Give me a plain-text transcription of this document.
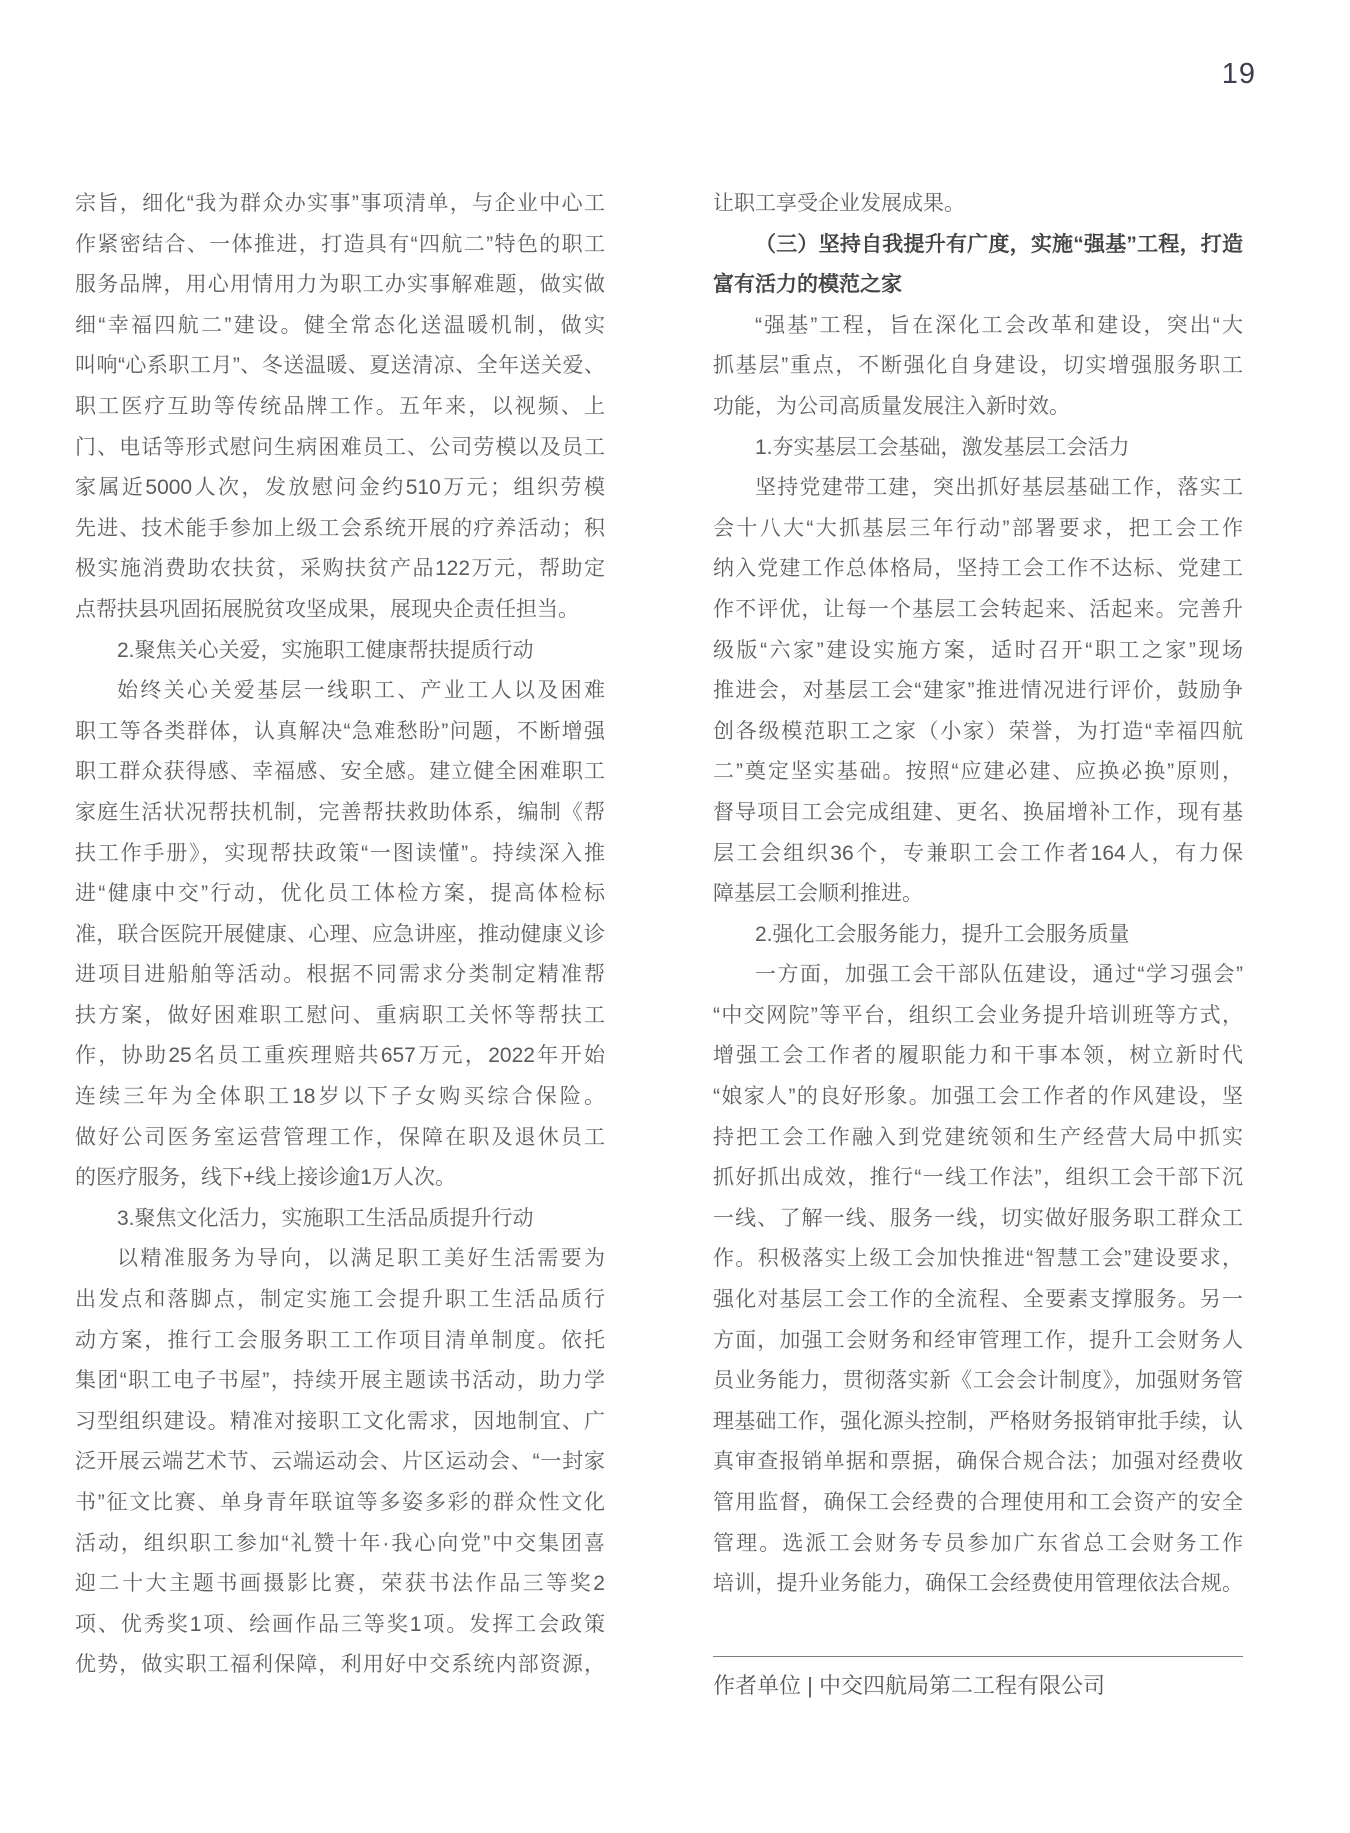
19
宗旨，细化“我为群众办实事”事项清单，与企业中心工
作紧密结合、一体推进，打造具有“四航二”特色的职工
服务品牌，用心用情用力为职工办实事解难题，做实做
细“幸福四航二”建设。健全常态化送温暖机制，做实
叫响“心系职工月”、冬送温暖、夏送清凉、全年送关爱、
职工医疗互助等传统品牌工作。五年来，以视频、上
门、电话等形式慰问生病困难员工、公司劳模以及员工
家属近5000人次，发放慰问金约510万元；组织劳模
先进、技术能手参加上级工会系统开展的疗养活动；积
极实施消费助农扶贫，采购扶贫产品122万元，帮助定
点帮扶县巩固拓展脱贫攻坚成果，展现央企责任担当。
2.聚焦关心关爱，实施职工健康帮扶提质行动
始终关心关爱基层一线职工、产业工人以及困难
职工等各类群体，认真解决“急难愁盼”问题，不断增强
职工群众获得感、幸福感、安全感。建立健全困难职工
家庭生活状况帮扶机制，完善帮扶救助体系，编制《帮
扶工作手册》，实现帮扶政策“一图读懂”。持续深入推
进“健康中交”行动，优化员工体检方案，提高体检标
准，联合医院开展健康、心理、应急讲座，推动健康义诊
进项目进船舶等活动。根据不同需求分类制定精准帮
扶方案，做好困难职工慰问、重病职工关怀等帮扶工
作，协助25名员工重疾理赔共657万元，2022年开始
连续三年为全体职工18岁以下子女购买综合保险。
做好公司医务室运营管理工作，保障在职及退休员工
的医疗服务，线下+线上接诊逾1万人次。
3.聚焦文化活力，实施职工生活品质提升行动
以精准服务为导向，以满足职工美好生活需要为
出发点和落脚点，制定实施工会提升职工生活品质行
动方案，推行工会服务职工工作项目清单制度。依托
集团“职工电子书屋”，持续开展主题读书活动，助力学
习型组织建设。精准对接职工文化需求，因地制宜、广
泛开展云端艺术节、云端运动会、片区运动会、“一封家
书”征文比赛、单身青年联谊等多姿多彩的群众性文化
活动，组织职工参加“礼赞十年·我心向党”中交集团喜
迎二十大主题书画摄影比赛，荣获书法作品三等奖2
项、优秀奖1项、绘画作品三等奖1项。发挥工会政策
优势，做实职工福利保障，利用好中交系统内部资源，
让职工享受企业发展成果。
（三）坚持自我提升有广度，实施“强基”工程，打造
富有活力的模范之家
“强基”工程，旨在深化工会改革和建设，突出“大
抓基层”重点，不断强化自身建设，切实增强服务职工
功能，为公司高质量发展注入新时效。
1.夯实基层工会基础，激发基层工会活力
坚持党建带工建，突出抓好基层基础工作，落实工
会十八大“大抓基层三年行动”部署要求，把工会工作
纳入党建工作总体格局，坚持工会工作不达标、党建工
作不评优，让每一个基层工会转起来、活起来。完善升
级版“六家”建设实施方案，适时召开“职工之家”现场
推进会，对基层工会“建家”推进情况进行评价，鼓励争
创各级模范职工之家（小家）荣誉，为打造“幸福四航
二”奠定坚实基础。按照“应建必建、应换必换”原则，
督导项目工会完成组建、更名、换届增补工作，现有基
层工会组织36个，专兼职工会工作者164人，有力保
障基层工会顺利推进。
2.强化工会服务能力，提升工会服务质量
一方面，加强工会干部队伍建设，通过“学习强会”
“中交网院”等平台，组织工会业务提升培训班等方式，
增强工会工作者的履职能力和干事本领，树立新时代
“娘家人”的良好形象。加强工会工作者的作风建设，坚
持把工会工作融入到党建统领和生产经营大局中抓实
抓好抓出成效，推行“一线工作法”，组织工会干部下沉
一线、了解一线、服务一线，切实做好服务职工群众工
作。积极落实上级工会加快推进“智慧工会”建设要求，
强化对基层工会工作的全流程、全要素支撑服务。另一
方面，加强工会财务和经审管理工作，提升工会财务人
员业务能力，贯彻落实新《工会会计制度》，加强财务管
理基础工作，强化源头控制，严格财务报销审批手续，认
真审查报销单据和票据，确保合规合法；加强对经费收
管用监督，确保工会经费的合理使用和工会资产的安全
管理。选派工会财务专员参加广东省总工会财务工作
培训，提升业务能力，确保工会经费使用管理依法合规。
作者单位 | 中交四航局第二工程有限公司
